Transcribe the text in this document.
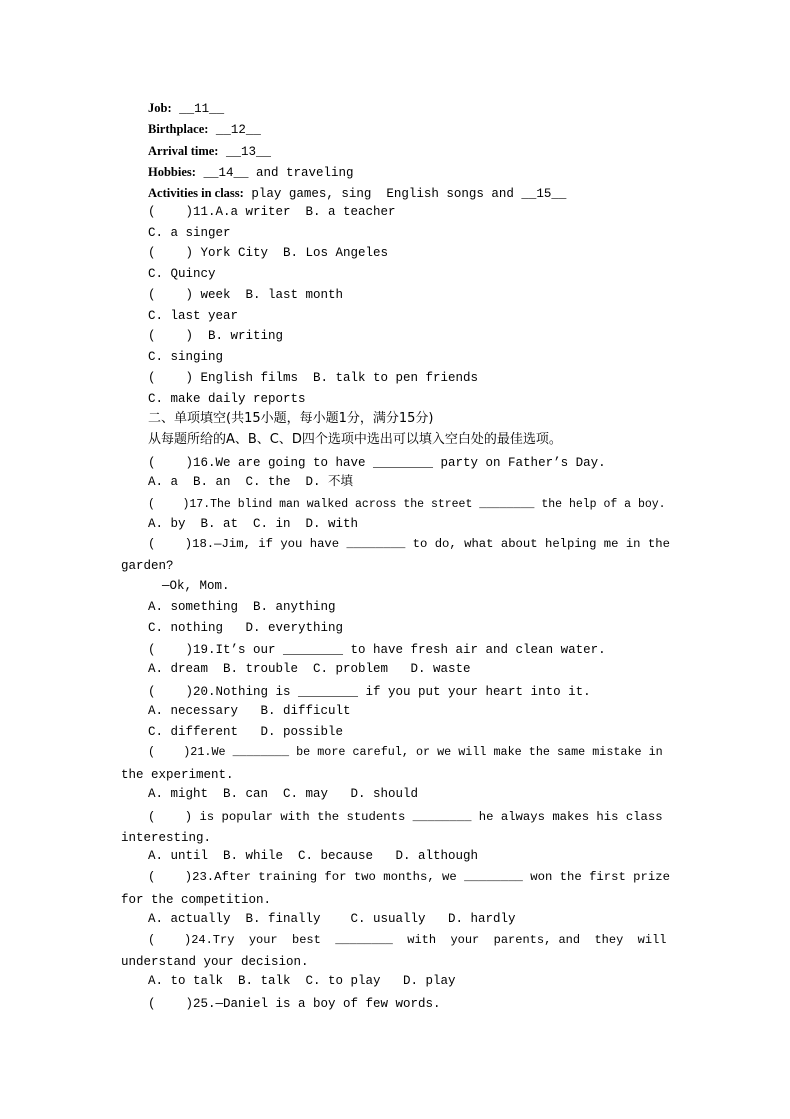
Job: __11__
Birthplace: __12__
Arrival time: __13__
Hobbies: __14__ and traveling
Activities in class: play games, sing  English songs and __15__
(    )11.A.a writer  B. a teacher
C. a singer
(    ) York City  B. Los Angeles
C. Quincy
(    ) week  B. last month
C. last year
(    )  B. writing
C. singing
(    ) English films  B. talk to pen friends
C. make daily reports
二、单项填空(共15小题，每小题1分，满分15分)
从每题所给的A、B、C、D四个选项中选出可以填入空白处的最佳选项。
(    )16.We are going to have ________ party on Father’s Day.
A. a  B. an  C. the  D. 不填
(    )17.The blind man walked across the street ________ the help of a boy.
A. by  B. at  C. in  D. with
(    )18.—Jim, if you have ________ to do, what about helping me in the
garden?
—Ok, Mom.
A. something  B. anything
C. nothing   D. everything
(    )19.It’s our ________ to have fresh air and clean water.
A. dream  B. trouble  C. problem   D. waste
(    )20.Nothing is ________ if you put your heart into it.
A. necessary   B. difficult
C. different   D. possible
(    )21.We ________ be more careful, or we will make the same mistake in
the experiment.
A. might  B. can  C. may   D. should
(    ) is popular with the students ________ he always makes his class
interesting.
A. until  B. while  C. because   D. although
(    )23.After training for two months, we ________ won the first prize
for the competition.
A. actually  B. finally    C. usually   D. hardly
(    )24.Try  your  best  ________  with  your  parents, and  they  will
understand your decision.
A. to talk  B. talk  C. to play   D. play
(    )25.—Daniel is a boy of few words.
